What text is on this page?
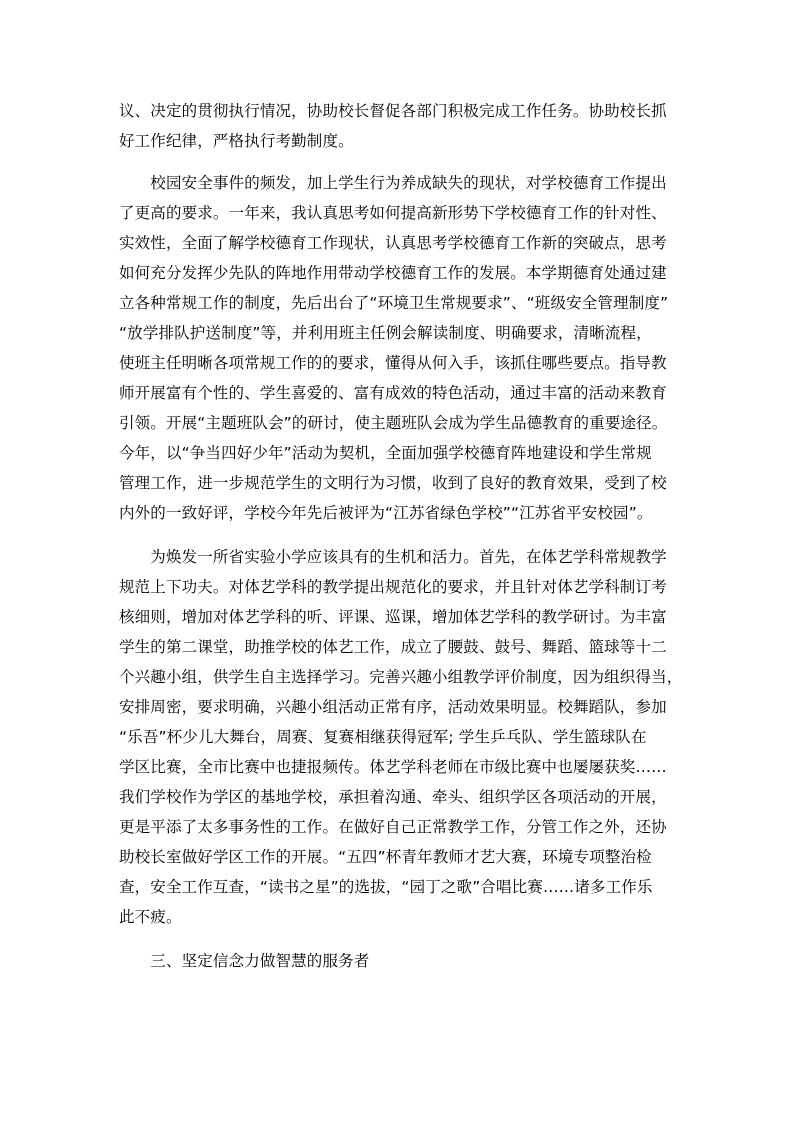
议、决定的贯彻执行情况，协助校长督促各部门积极完成工作任务。协助校长抓
好工作纪律，严格执行考勤制度。
　　校园安全事件的频发，加上学生行为养成缺失的现状，对学校德育工作提出
了更高的要求。一年来，我认真思考如何提高新形势下学校德育工作的针对性、
实效性，全面了解学校德育工作现状，认真思考学校德育工作新的突破点，思考
如何充分发挥少先队的阵地作用带动学校德育工作的发展。本学期德育处通过建
立各种常规工作的制度，先后出台了“环境卫生常规要求”、“班级安全管理制度”
“放学排队护送制度”等，并利用班主任例会解读制度、明确要求，清晰流程，
使班主任明晰各项常规工作的的要求，懂得从何入手，该抓住哪些要点。指导教
师开展富有个性的、学生喜爱的、富有成效的特色活动，通过丰富的活动来教育
引领。开展“主题班队会”的研讨，使主题班队会成为学生品德教育的重要途径。
今年，以“争当四好少年”活动为契机，全面加强学校德育阵地建设和学生常规
管理工作，进一步规范学生的文明行为习惯，收到了良好的教育效果，受到了校
内外的一致好评，学校今年先后被评为“江苏省绿色学校”“江苏省平安校园”。
　　为焕发一所省实验小学应该具有的生机和活力。首先，在体艺学科常规教学
规范上下功夫。对体艺学科的教学提出规范化的要求，并且针对体艺学科制订考
核细则，增加对体艺学科的听、评课、巡课，增加体艺学科的教学研讨。为丰富
学生的第二课堂，助推学校的体艺工作，成立了腰鼓、鼓号、舞蹈、篮球等十二
个兴趣小组，供学生自主选择学习。完善兴趣小组教学评价制度，因为组织得当，
安排周密，要求明确，兴趣小组活动正常有序，活动效果明显。校舞蹈队，参加
“乐吾”杯少儿大舞台，周赛、复赛相继获得冠军; 学生乒乓队、学生篮球队在
学区比赛，全市比赛中也捷报频传。体艺学科老师在市级比赛中也屡屡获奖……
我们学校作为学区的基地学校，承担着沟通、牵头、组织学区各项活动的开展，
更是平添了太多事务性的工作。在做好自己正常教学工作，分管工作之外，还协
助校长室做好学区工作的开展。“五四”杯青年教师才艺大赛，环境专项整治检
查，安全工作互查，“读书之星”的选拔，“园丁之歌”合唱比赛……诸多工作乐
此不疲。
　　三、坚定信念力做智慧的服务者
